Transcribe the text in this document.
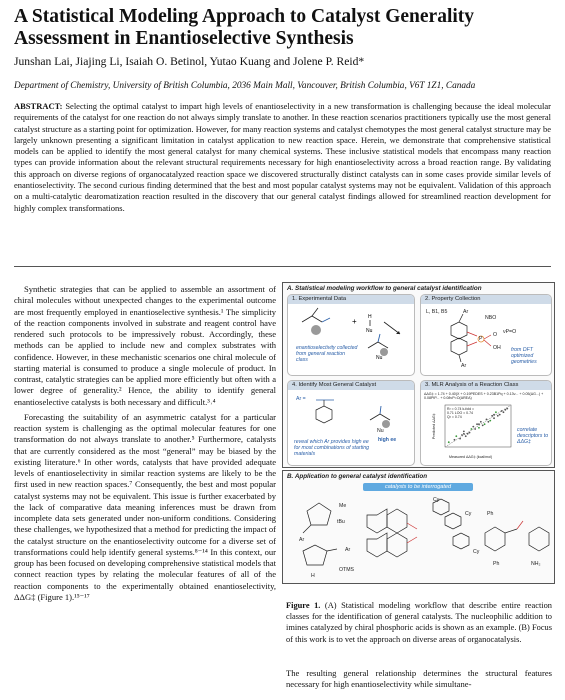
A Statistical Modeling Approach to Catalyst Generality Assessment in Enantioselective Synthesis
Junshan Lai, Jiajing Li, Isaiah O. Betinol, Yutao Kuang and Jolene P. Reid*
Department of Chemistry, University of British Columbia, 2036 Main Mall, Vancouver, British Columbia, V6T 1Z1, Canada
ABSTRACT: Selecting the optimal catalyst to impart high levels of enantioselectivity in a new transformation is challenging because the ideal molecular requirements of the catalyst for one reaction do not always simply translate to another. In these reaction scenarios practitioners typically use the most general catalyst structure as a starting point for optimization. However, for many reaction systems and catalyst chemotypes the most general catalyst structure may be largely unknown presenting a significant limitation in catalyst application to new reaction space. Herein, we demonstrate that comprehensive statistical models can be applied to identify the most general catalyst for many chemical systems. These inclusive statistical models that encompass many reaction types can provide information about the relevant structural requirements necessary for high enantioselectivity across a broad reaction range. By validating this approach on diverse regions of organocatalyzed reaction space we discovered structurally distinct catalysts can in some cases provide similar levels of enantioselectivity. The second curious finding determined that the best and most popular catalyst systems may not be equivalent. Validation of this approach on a multi-catalytic dearomatization reaction resulted in the discovery that our general catalyst findings allowed for streamlined reaction development for highly complex transformations.

Synthetic strategies that can be applied to assemble an assortment of chiral molecules without unexpected changes to the experimental outcome are most frequently employed in enantioselective synthesis.¹ The simplicity of the reaction components involved in substrate and reagent control have rendered such protocols to be impressively robust. Accordingly, these methods can be applied to include new and complex substrates with confidence. However, in these mechanistic scenarios one chiral molecule of starting material is consumed to produce a single molecule of product. In contrast, catalytic strategies can be applied more efficiently but often with a lower degree of generality.² Hence, the ability to identify general enantioselective catalysts is both necessary and difficult.³˒⁴

Forecasting the suitability of an asymmetric catalyst for a particular reaction system is challenging as the optimal molecular features for one transformation do not always translate to another.⁵ Furthermore, catalysts that are currently considered as the most “general” may be biased by the existing literature.⁶ In other words, catalysts that have provided adequate levels of enantioselectivity in similar reaction systems are likely to be the first used in new reaction spaces.⁷ Consequently, the best and most popular catalyst systems may not be equivalent. This issue is further exacerbated by the lack of comparative data meaning inferences must be drawn from incomplete data sets generated under non-uniform conditions. Considering these challenges, we hypothesized that a method for predicting the impact of the catalyst structure on the enantioselectivity outcome for a diverse set of transformations could help identify general systems.⁸⁻¹⁴ In this context, our group has been focused on developing comprehensive statistical models that connect reaction types by relating the molecular features of all of the reaction components to the experimentally obtained enantioselectivity, ΔΔG‡ (Figure 1).¹⁵⁻¹⁷

A. Statistical modeling workflow to general catalyst identification
1. Experimental Data
+ H
Nu
Nu
enantioselectivity collected from general reaction class
2. Property Collection
L, B1, B5
NBO
νP=O
P
O
OH
Ar
Ar
from DFT optimized geometries
4. Identify Most General Catalyst
Ar =
Nu
high ee
reveal which Ar provides high ee for most combinations of starting materials
3. MLR Analysis of a Reaction Class
ΔΔG‡ = 1.74 + 0.40(X + 0.19PEDES + 0.23B1Pq + 0.13ν... + 0.05(ΔG...) + 0.08PIP... + 0.08νP=O(AREA)
R² = 0.74 k-fold = 0.71 LOO = 0.74 Q² = 0.74
Measured ΔΔG‡ (kcal/mol)
Predicted ΔΔG‡	correlate descriptors to ΔΔG‡
B. Application to general catalyst identification
catalysts to be interrogated
Me
tBu
Ar
Ar
OTMS
H
Cy
Cy
Cy
Ph
Ph	NH₂
Figure 1. (A) Statistical modeling workflow that describe entire reaction classes for the identification of general catalysts. The nucleophilic addition to imines catalyzed by chiral phosphoric acids is shown as an example. (B) Focus of this work is to vet the approach on diverse areas of organocatalysis.
The resulting general relationship determines the structural features necessary for high enantioselectivity while simultane-
